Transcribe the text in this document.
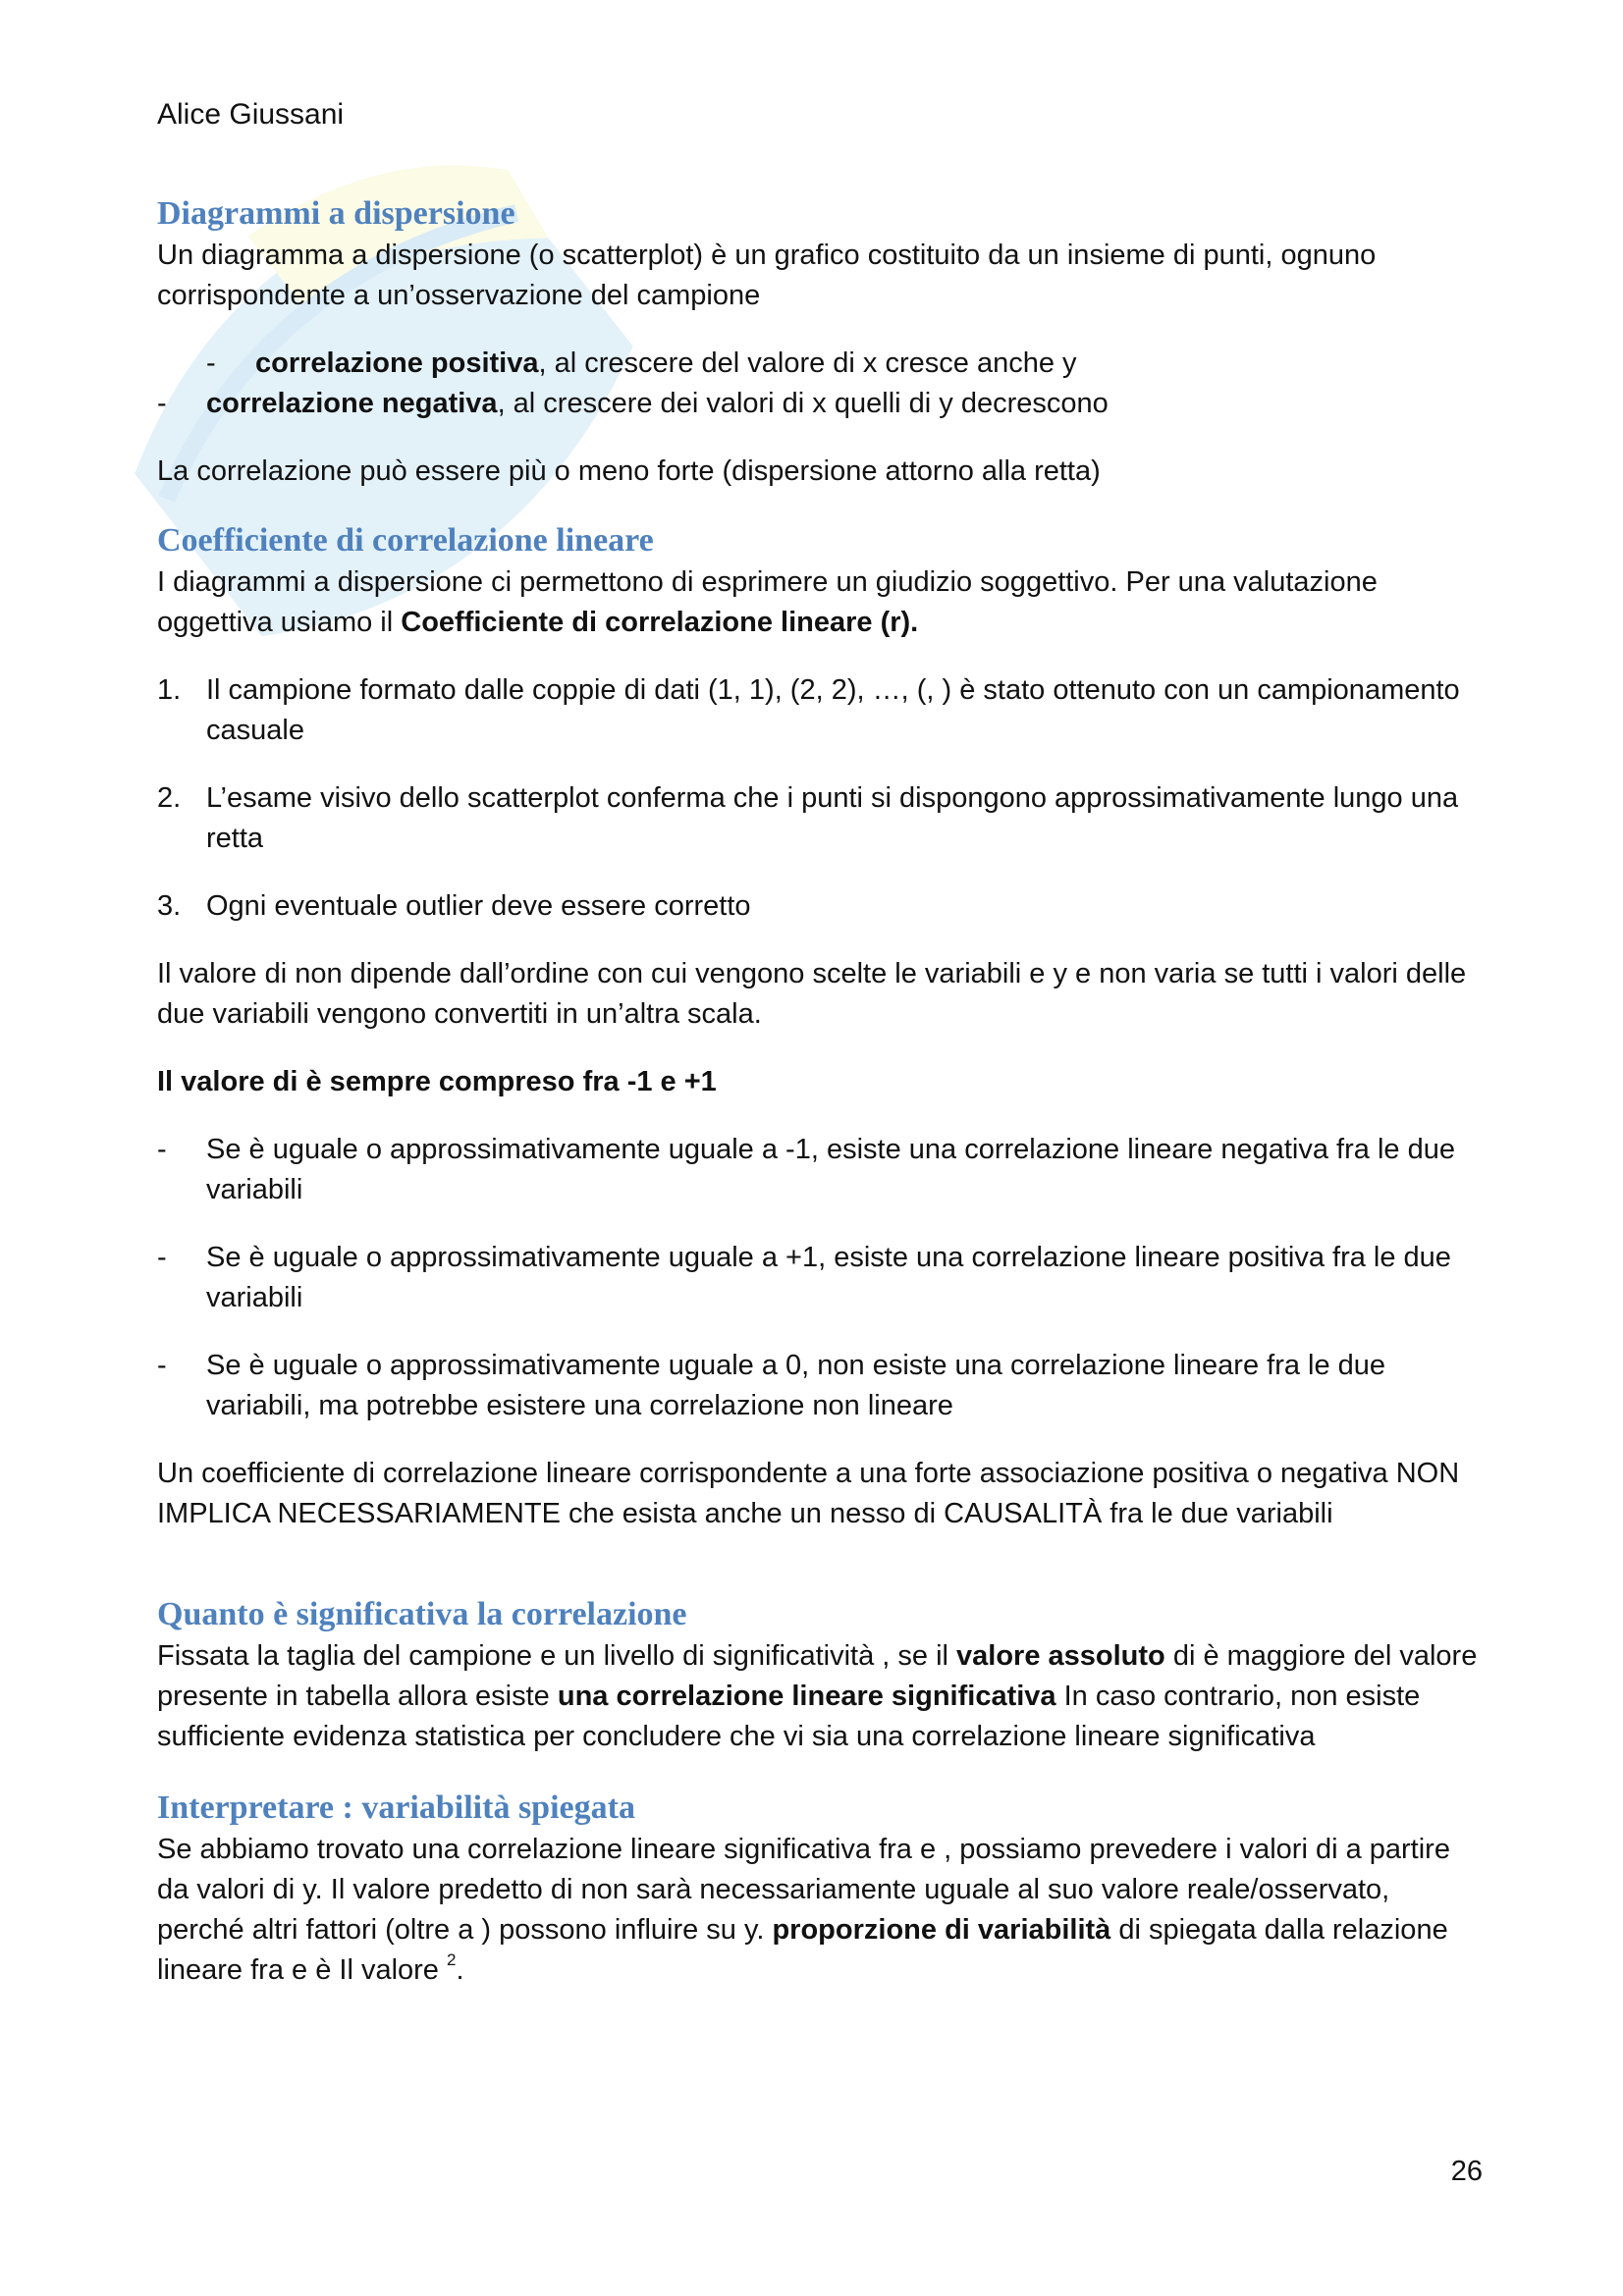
Alice Giussani
Diagrammi a dispersione

Un diagramma a dispersione (o scatterplot) è un grafico costituito da un insieme di punti, ognuno corrispondente a un’osservazione del campione

-	correlazione positiva, al crescere del valore di x cresce anche y
-	correlazione negativa, al crescere dei valori di x quelli di y decrescono

La correlazione può essere più o meno forte (dispersione attorno alla retta)

Coefficiente di correlazione lineare

I diagrammi a dispersione ci permettono di esprimere un giudizio soggettivo. Per una valutazione oggettiva usiamo il Coefficiente di correlazione lineare (r).

1. Il campione formato dalle coppie di dati (1, 1), (2, 2), …, (, ) è stato ottenuto con un campionamento casuale
2. L’esame visivo dello scatterplot conferma che i punti si dispongono approssimativamente lungo una retta
3. Ogni eventuale outlier deve essere corretto

Il valore di non dipende dall’ordine con cui vengono scelte le variabili e y e non varia se tutti i valori delle due variabili vengono convertiti in un’altra scala.

Il valore di è sempre compreso fra -1 e +1

-	Se è uguale o approssimativamente uguale a -1, esiste una correlazione lineare negativa fra le due variabili
-	Se è uguale o approssimativamente uguale a +1, esiste una correlazione lineare positiva fra le due variabili
-	Se è uguale o approssimativamente uguale a 0, non esiste una correlazione lineare fra le due variabili, ma potrebbe esistere una correlazione non lineare

Un coefficiente di correlazione lineare corrispondente a una forte associazione positiva o negativa NON IMPLICA NECESSARIAMENTE che esista anche un nesso di CAUSALITÀ fra le due variabili

Quanto è significativa la correlazione

Fissata la taglia del campione e un livello di significatività , se il valore assoluto di è maggiore del valore presente in tabella allora esiste una correlazione lineare significativa In caso contrario, non esiste sufficiente evidenza statistica per concludere che vi sia una correlazione lineare significativa

Interpretare : variabilità spiegata

Se abbiamo trovato una correlazione lineare significativa fra e , possiamo prevedere i valori di a partire da valori di y. Il valore predetto di non sarà necessariamente uguale al suo valore reale/osservato, perché altri fattori (oltre a ) possono influire su y. proporzione di variabilità di spiegata dalla relazione lineare fra e è Il valore $^2$.

26
